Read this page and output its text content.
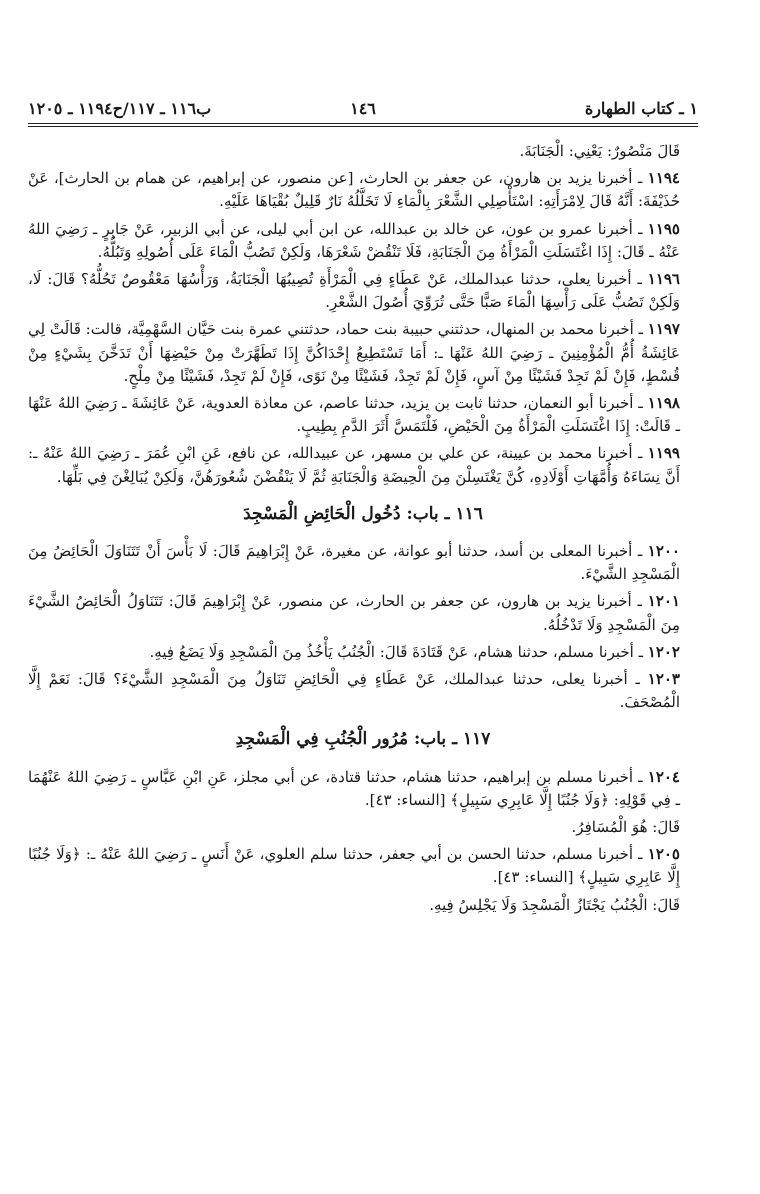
١ ـ كتاب الطهارة
١٤٦
ب١١٦ ـ ١١٧/ح١١٩٤ ـ ١٢٠٥

قَالَ مَنْصُورٌ: يَعْنِي: الْجَنَابَةَ.

١١٩٤ ـ أخبرنا يزيد بن هارون، عن جعفر بن الحارث، [عن منصور، عن إبراهيم، عن همام بن الحارث]، عَنْ حُذَيْفَةَ: أَنَّهُ قَالَ لِامْرَأَتِهِ: اسْتَأْصِلِي الشَّعْرَ بِالْمَاءِ لَا تَخَلَّلُهُ نَارٌ قَلِيلٌ بُقْيَاهَا عَلَيْهِ.

١١٩٥ ـ أخبرنا عمرو بن عون، عن خالد بن عبدالله، عن ابن أبي ليلى، عن أبي الزبير، عَنْ جَابِرٍ ـ رَضِيَ اللهُ عَنْهُ ـ قَالَ: إِذَا اغْتَسَلَتِ الْمَرْأَةُ مِنَ الْجَنَابَةِ، فَلَا تَنْقُضْ شَعْرَهَا، وَلَكِنْ تَصُبُّ الْمَاءَ عَلَى أُصُولِهِ وَتَبُلُّهُ.

١١٩٦ ـ أخبرنا يعلى، حدثنا عبدالملك، عَنْ عَطَاءٍ فِي الْمَرْأَةِ تُصِيبُهَا الْجَنَابَةُ، وَرَأْسُهَا مَعْقُوصٌ تَحُلُّهُ؟ قَالَ: لَا، وَلَكِنْ تَصُبُّ عَلَى رَأْسِهَا الْمَاءَ صَبًّا حَتَّى تُرَوِّيَ أُصُولَ الشَّعْرِ.

١١٩٧ ـ أخبرنا محمد بن المنهال، حدثتني حبيبة بنت حماد، حدثتني عمرة بنت حَيَّان السَّهْمِيَّة، قالت: قَالَتْ لِي عَائِشَةُ أُمُّ الْمُؤْمِنِينَ ـ رَضِيَ اللهُ عَنْهَا ـ: أَمَا تَسْتَطِيعُ إِحْدَاكُنَّ إِذَا تَطَهَّرَتْ مِنْ حَيْضِهَا أَنْ تَدَخَّنَ بِشَيْءٍ مِنْ قُسْطٍ، فَإِنْ لَمْ تَجِدْ فَشَيْئًا مِنْ آسٍ، فَإِنْ لَمْ تَجِدْ، فَشَيْئًا مِنْ نَوًى، فَإِنْ لَمْ تَجِدْ، فَشَيْئًا مِنْ مِلْحٍ.

١١٩٨ ـ أخبرنا أبو النعمان، حدثنا ثابت بن يزيد، حدثنا عاصم، عن معاذة العدوية، عَنْ عَائِشَةَ ـ رَضِيَ اللهُ عَنْهَا ـ قَالَتْ: إِذَا اغْتَسَلَتِ الْمَرْأَةُ مِنَ الْحَيْضِ، فَلْتَمَسَّ أَثَرَ الدَّمِ بِطِيبٍ.

١١٩٩ ـ أخبرنا محمد بن عيينة، عن علي بن مسهر، عن عبيدالله، عن نافع، عَنِ ابْنِ عُمَرَ ـ رَضِيَ اللهُ عَنْهُ ـ: أَنَّ نِسَاءَهُ وَأُمَّهَاتِ أَوْلَادِهِ، كُنَّ يَغْتَسِلْنَ مِنَ الْحِيضَةِ وَالْجَنَابَةِ ثُمَّ لَا يَنْقُضْنَ شُعُورَهُنَّ، وَلَكِنْ يُبَالِغْنَ فِي بَلِّهَا.

١١٦ ـ باب: دُخُول الْحَائِضِ الْمَسْجِدَ

١٢٠٠ ـ أخبرنا المعلى بن أسد، حدثنا أبو عوانة، عن مغيرة، عَنْ إِبْرَاهِيمَ قَالَ: لَا بَأْسَ أَنْ تَتَنَاوَلَ الْحَائِضُ مِنَ الْمَسْجِدِ الشَّيْءَ.

١٢٠١ ـ أخبرنا يزيد بن هارون، عن جعفر بن الحارث، عن منصور، عَنْ إِبْرَاهِيمَ قَالَ: تَتَنَاوَلُ الْحَائِضُ الشَّيْءَ مِنَ الْمَسْجِدِ وَلَا تَدْخُلُهُ.

١٢٠٢ ـ أخبرنا مسلم، حدثنا هشام، عَنْ قَتَادَةَ قَالَ: الْجُنُبُ يَأْخُذُ مِنَ الْمَسْجِدِ وَلَا يَضَعُ فِيهِ.

١٢٠٣ ـ أخبرنا يعلى، حدثنا عبدالملك، عَنْ عَطَاءٍ فِي الْحَائِضِ تَنَاوَلُ مِنَ الْمَسْجِدِ الشَّيْءَ؟ قَالَ: نَعَمْ إِلَّا الْمُصْحَفَ.

١١٧ ـ باب: مُرُور الْجُنُبِ فِي الْمَسْجِدِ

١٢٠٤ ـ أخبرنا مسلم بن إبراهيم، حدثنا هشام، حدثنا قتادة، عن أبي مجلز، عَنِ ابْنِ عَبَّاسٍ ـ رَضِيَ اللهُ عَنْهُمَا ـ فِي قَوْلِهِ: ﴿وَلَا جُنُبًا إِلَّا عَابِرِي سَبِيلٍ﴾ [النساء: ٤٣].

قَالَ: هُوَ الْمُسَافِرُ.

١٢٠٥ ـ أخبرنا مسلم، حدثنا الحسن بن أبي جعفر، حدثنا سلم العلوي، عَنْ أَنَسٍ ـ رَضِيَ اللهُ عَنْهُ ـ: ﴿وَلَا جُنُبًا إِلَّا عَابِرِي سَبِيلٍ﴾ [النساء: ٤٣].

قَالَ: الْجُنُبُ يَجْتَازُ الْمَسْجِدَ وَلَا يَجْلِسُ فِيهِ.
